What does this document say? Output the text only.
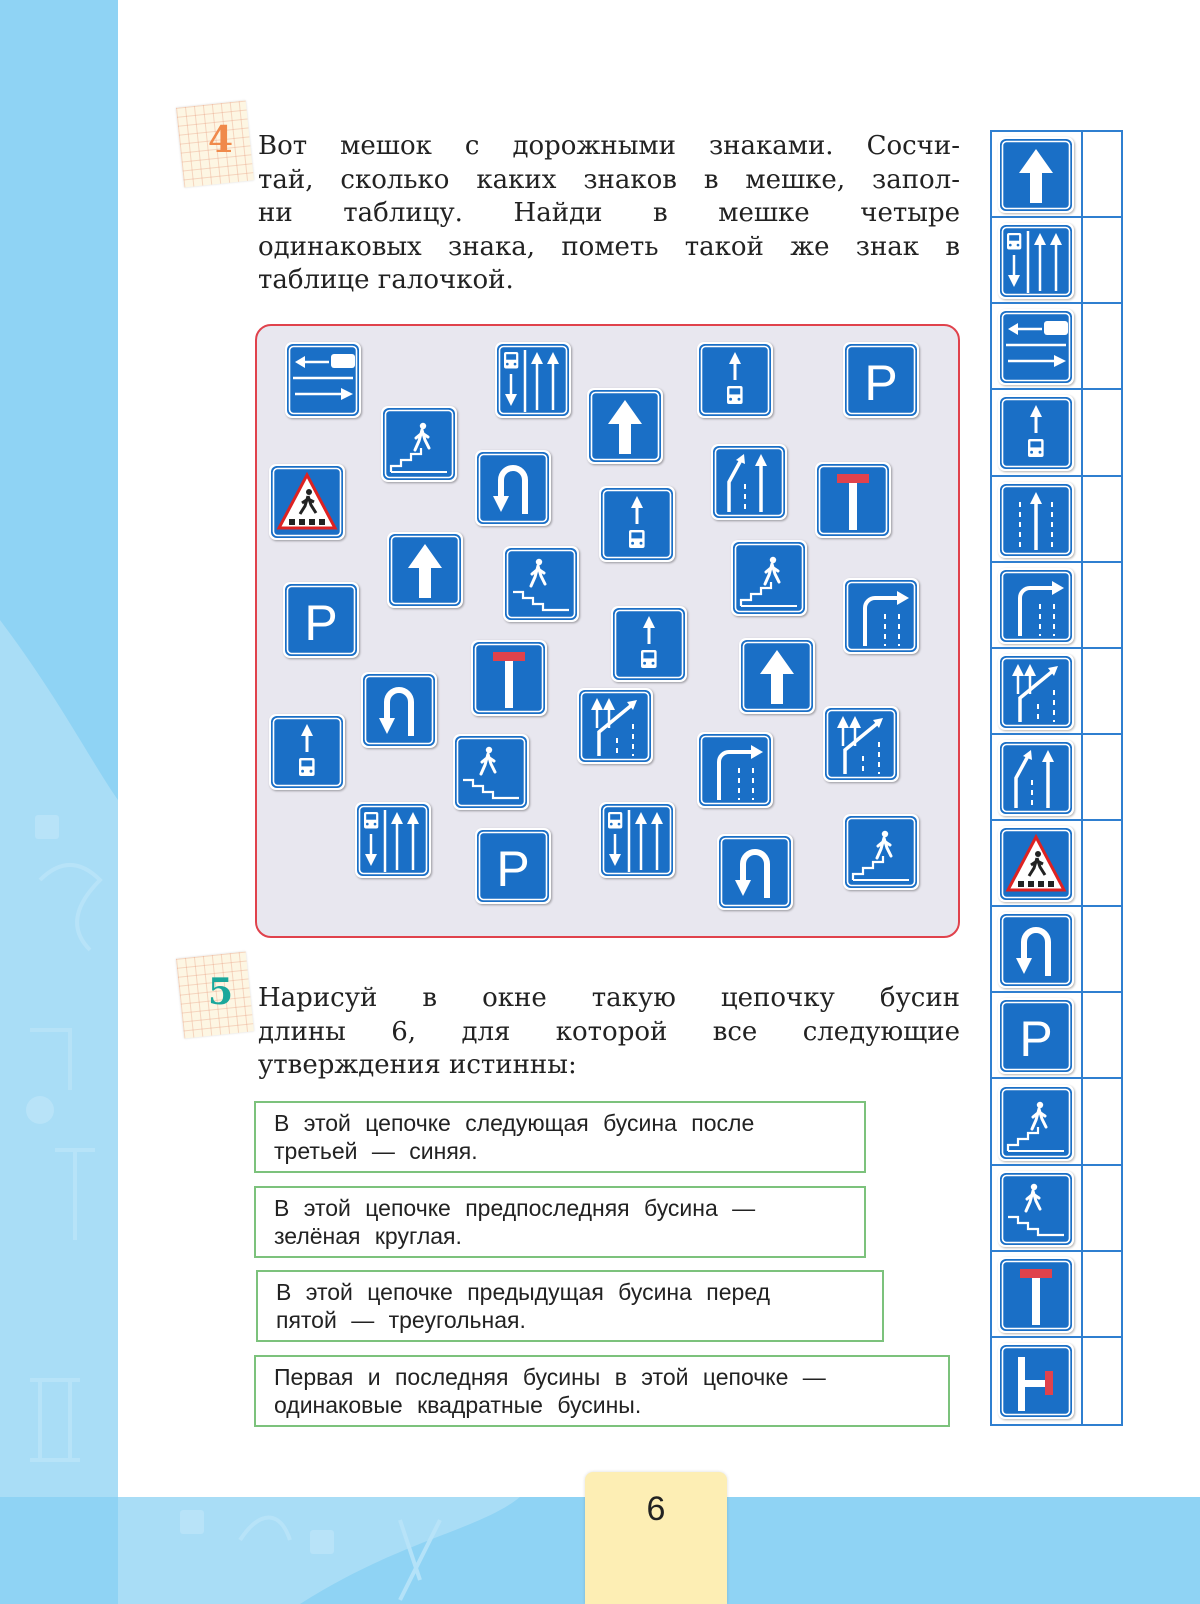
4 Вот мешок с дорожными знаками. Сосчи-
тай, сколько каких знаков в мешке, запол-
ни таблицу. Найди в мешке четыре
одинаковых знака, пометь такой же знак в
таблице галочкой.
P
P
P
5 Нарисуй в окне такую цепочку бусин
длины 6, для которой все следующие
утверждения истинны:
В этой цепочке следующая бусина после
третьей — синяя.
В этой цепочке предпоследняя бусина —
зелёная круглая.
В этой цепочке предыдущая бусина перед
пятой — треугольная.
Первая и последняя бусины в этой цепочке —
одинаковые квадратные бусины.
P
6
